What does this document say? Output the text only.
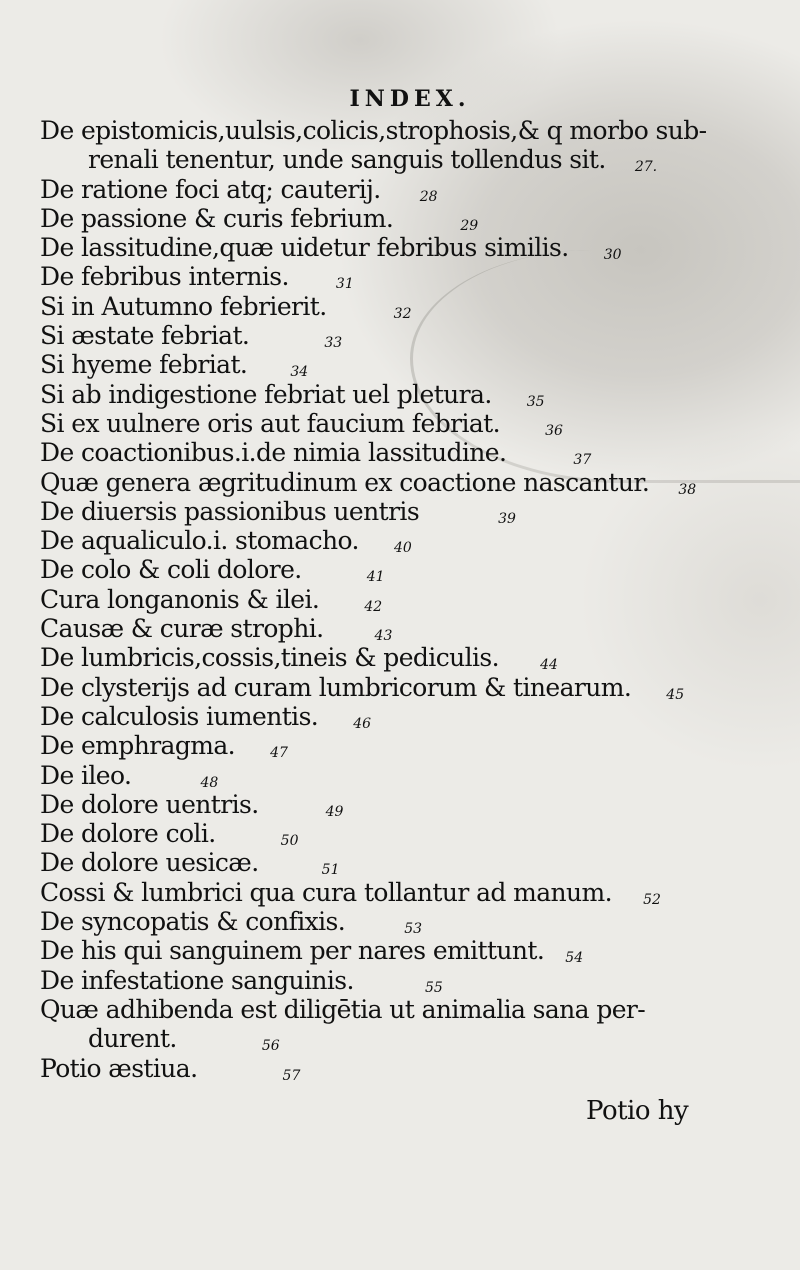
INDEX.
De epistomicis,uulsis,colicis,strophosis,& q morbo sub-
renali tenentur, unde sanguis tollendus sit. 27.
De ratione foci atq; cauterij.	28
De passione & curis febrium.	29
De lassitudine,quæ uidetur febribus similis.	30
De febribus internis.	31
Si in Autumno febrierit.	32
Si æstate febriat.	33
Si hyeme febriat.	34
Si ab indigestione febriat uel pletura.	35
Si ex uulnere oris aut faucium febriat.	36
De coactionibus.i.de nimia lassitudine.	37
Quæ genera ægritudinum ex coactione nascantur. 38
De diuersis passionibus uentris	39
De aqualiculo.i. stomacho.	40
De colo & coli dolore.	41
Cura longanonis & ilei.	42
Causæ & curæ strophi.	43
De lumbricis,cossis,tineis & pediculis.	44
De clysterijs ad curam lumbricorum & tinearum.	45
De calculosis iumentis.	46
De emphragma.	47
De ileo.	48
De dolore uentris.	49
De dolore coli.	50
De dolore uesicæ.	51
Cossi & lumbrici qua cura tollantur ad manum. 52
De syncopatis & confixis.	53
De his qui sanguinem per nares emittunt. 54
De infestatione sanguinis.	55
Quæ adhibenda est diligētia ut animalia sana per-
durent.	56
Potio æstiua.	57
Potio hy
